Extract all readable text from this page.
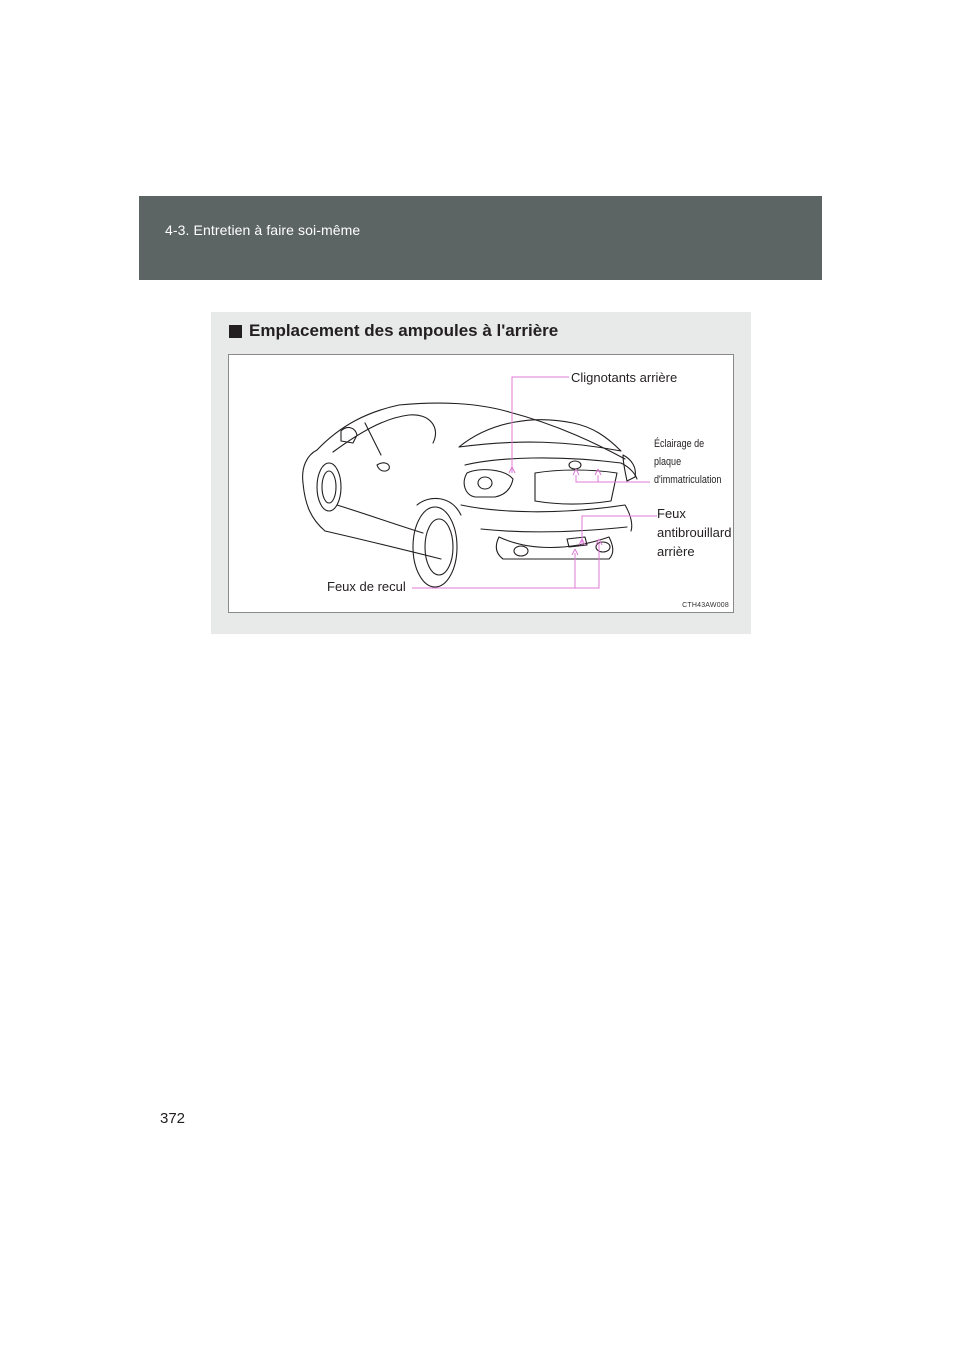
4-3. Entretien à faire soi-même
Emplacement des ampoules à l'arrière
Clignotants arrière
Éclairage de
plaque
d'immatriculation
Feux
antibrouillard
arrière
Feux de recul
CTH43AW008
372
